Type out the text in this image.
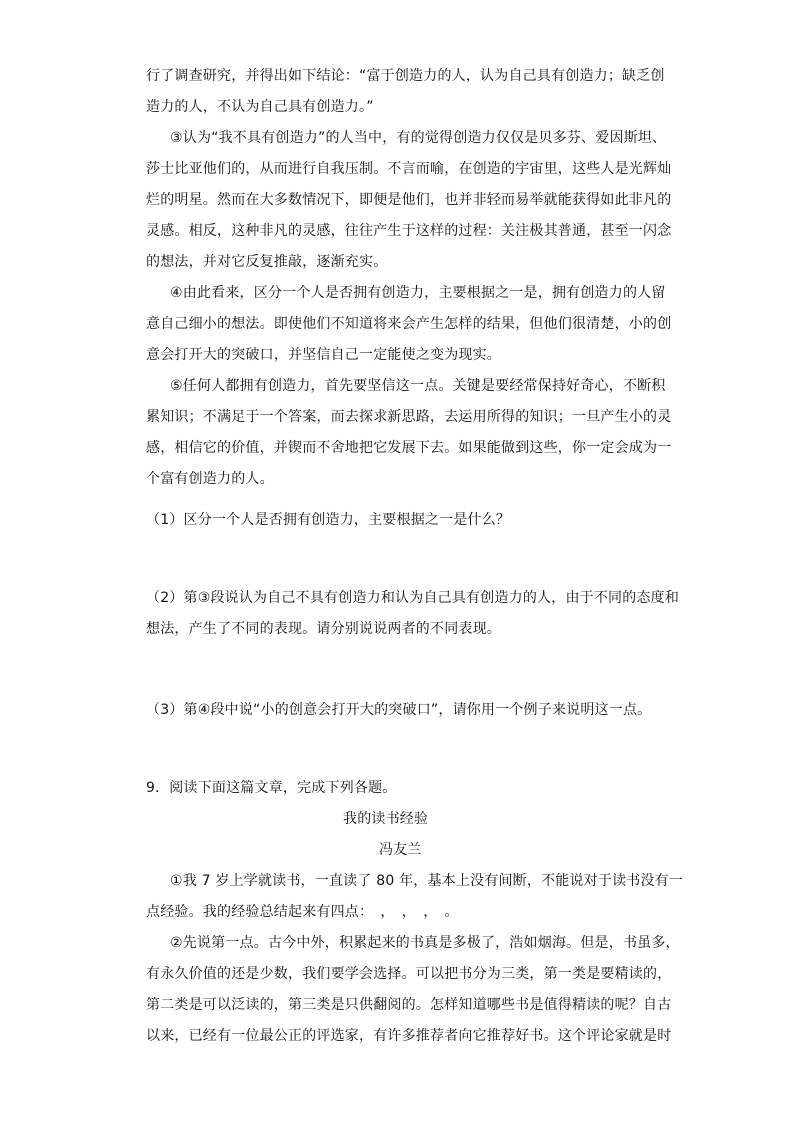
行了调查研究，并得出如下结论：“富于创造力的人，认为自己具有创造力；缺乏创
造力的人，不认为自己具有创造力。”
③认为“我不具有创造力”的人当中，有的觉得创造力仅仅是贝多芬、爱因斯坦、
莎士比亚他们的，从而进行自我压制。不言而喻，在创造的宇宙里，这些人是光辉灿
烂的明星。然而在大多数情况下，即便是他们，也并非轻而易举就能获得如此非凡的
灵感。相反，这种非凡的灵感，往往产生于这样的过程：关注极其普通，甚至一闪念
的想法，并对它反复推敲，逐渐充实。
④由此看来，区分一个人是否拥有创造力，主要根据之一是，拥有创造力的人留
意自己细小的想法。即使他们不知道将来会产生怎样的结果，但他们很清楚，小的创
意会打开大的突破口，并坚信自己一定能使之变为现实。
⑤任何人都拥有创造力，首先要坚信这一点。关键是要经常保持好奇心，不断积
累知识；不满足于一个答案，而去探求新思路，去运用所得的知识；一旦产生小的灵
感，相信它的价值，并锲而不舍地把它发展下去。如果能做到这些，你一定会成为一
个富有创造力的人。
（1）区分一个人是否拥有创造力，主要根据之一是什么？
（2）第③段说认为自己不具有创造力和认为自己具有创造力的人，由于不同的态度和
想法，产生了不同的表现。请分别说说两者的不同表现。
（3）第④段中说“小的创意会打开大的突破口”，请你用一个例子来说明这一点。
9．阅读下面这篇文章，完成下列各题。
我的读书经验
冯友兰
①我 7 岁上学就读书，一直读了 80 年，基本上没有间断，不能说对于读书没有一
点经验。我的经验总结起来有四点：　，　，　，　。
②先说第一点。古今中外，积累起来的书真是多极了，浩如烟海。但是，书虽多，
有永久价值的还是少数，我们要学会选择。可以把书分为三类，第一类是要精读的，
第二类是可以泛读的，第三类是只供翻阅的。怎样知道哪些书是值得精读的呢？自古
以来，已经有一位最公正的评选家，有许多推荐者向它推荐好书。这个评论家就是时
